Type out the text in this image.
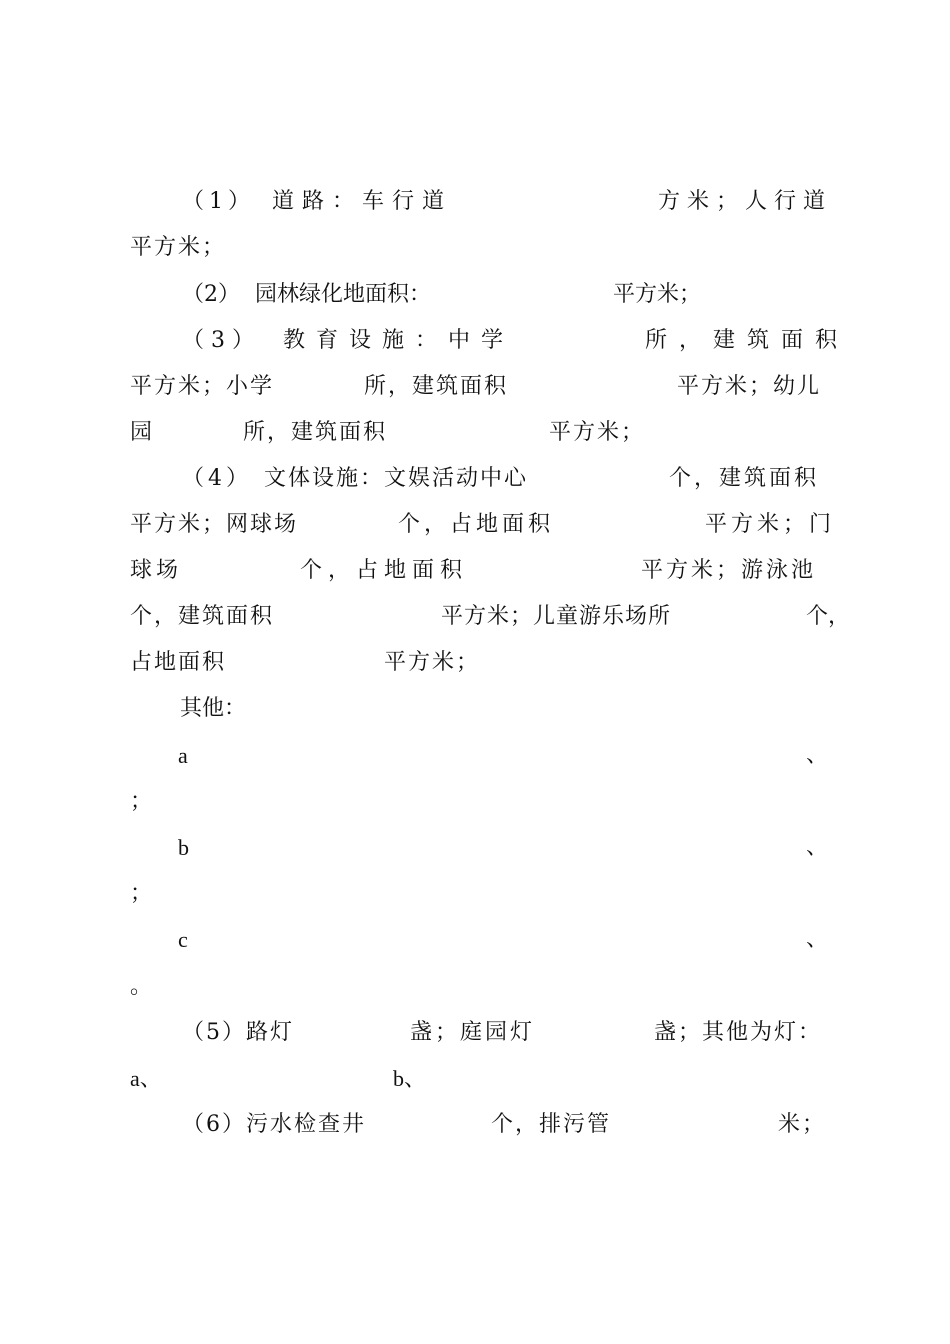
（1） 道路：车行道	方米；人行道
平方米；
（2） 园林绿化地面积：	平方米；
（3） 教育设施：中学	所，建筑面积
平方米；小学	所，建筑面积	平方米；幼儿
园	所，建筑面积	平方米；
（4） 文体设施：文娱活动中心	个，建筑面积
平方米；网球场	个，占地面积	平方米；门
球场	个，占地面积	平方米；游泳池
个，建筑面积	平方米；儿童游乐场所	个，
占地面积	平方米；
其他：
a	、
；
b	、
；
c	、
。
（5）路灯	盏；庭园灯	盏；其他为灯：
a、	b、
（6）污水检查井	个，排污管	米；
